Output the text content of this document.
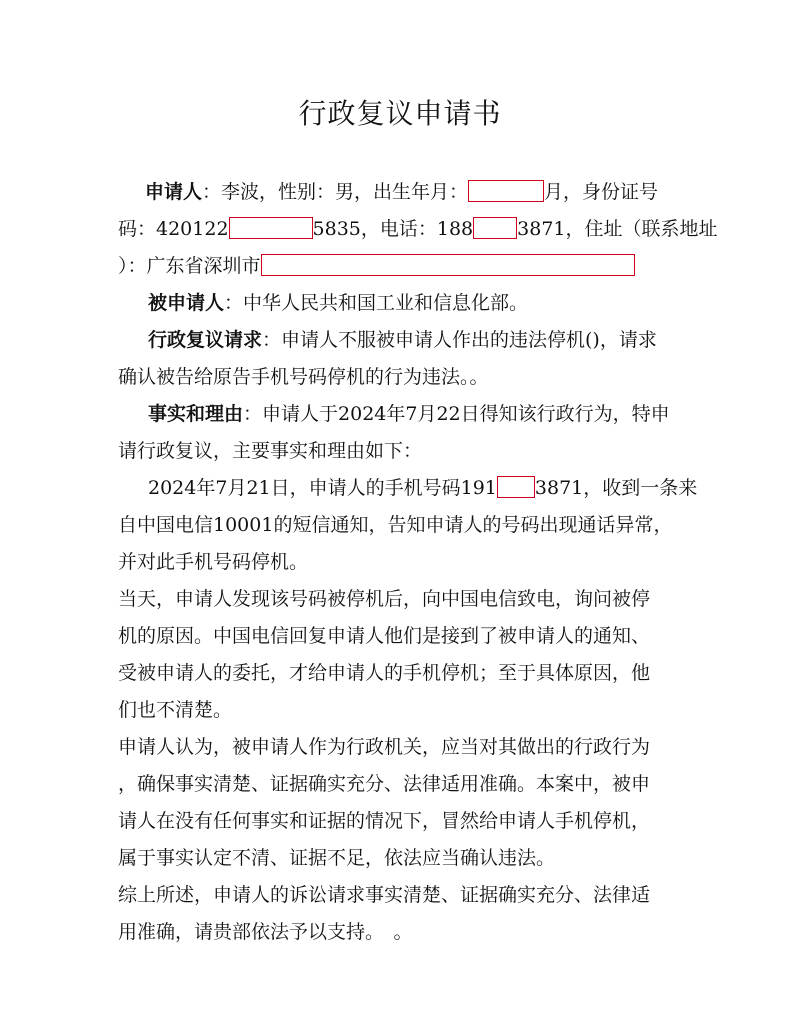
行政复议申请书
申请人：李波，性别：男，出生年月：	月，身份证号
码：420122	5835，电话：188 3871，住址（联系地址
）：广东省深圳市
被申请人：中华人民共和国工业和信息化部。
行政复议请求：申请人不服被申请人作出的违法停机()，请求
确认被告给原告手机号码停机的行为违法。。
事实和理由：申请人于2024年7月22日得知该行政行为，特申
请行政复议，主要事实和理由如下：
2024年7月21日，申请人的手机号码191 3871，收到一条来
自中国电信10001的短信通知，告知申请人的号码出现通话异常，
并对此手机号码停机。
当天，申请人发现该号码被停机后，向中国电信致电，询问被停
机的原因。中国电信回复申请人他们是接到了被申请人的通知、
受被申请人的委托，才给申请人的手机停机；至于具体原因，他
们也不清楚。
申请人认为，被申请人作为行政机关，应当对其做出的行政行为
，确保事实清楚、证据确实充分、法律适用准确。本案中，被申
请人在没有任何事实和证据的情况下，冒然给申请人手机停机，
属于事实认定不清、证据不足，依法应当确认违法。
综上所述，申请人的诉讼请求事实清楚、证据确实充分、法律适
用准确，请贵部依法予以支持。　。
